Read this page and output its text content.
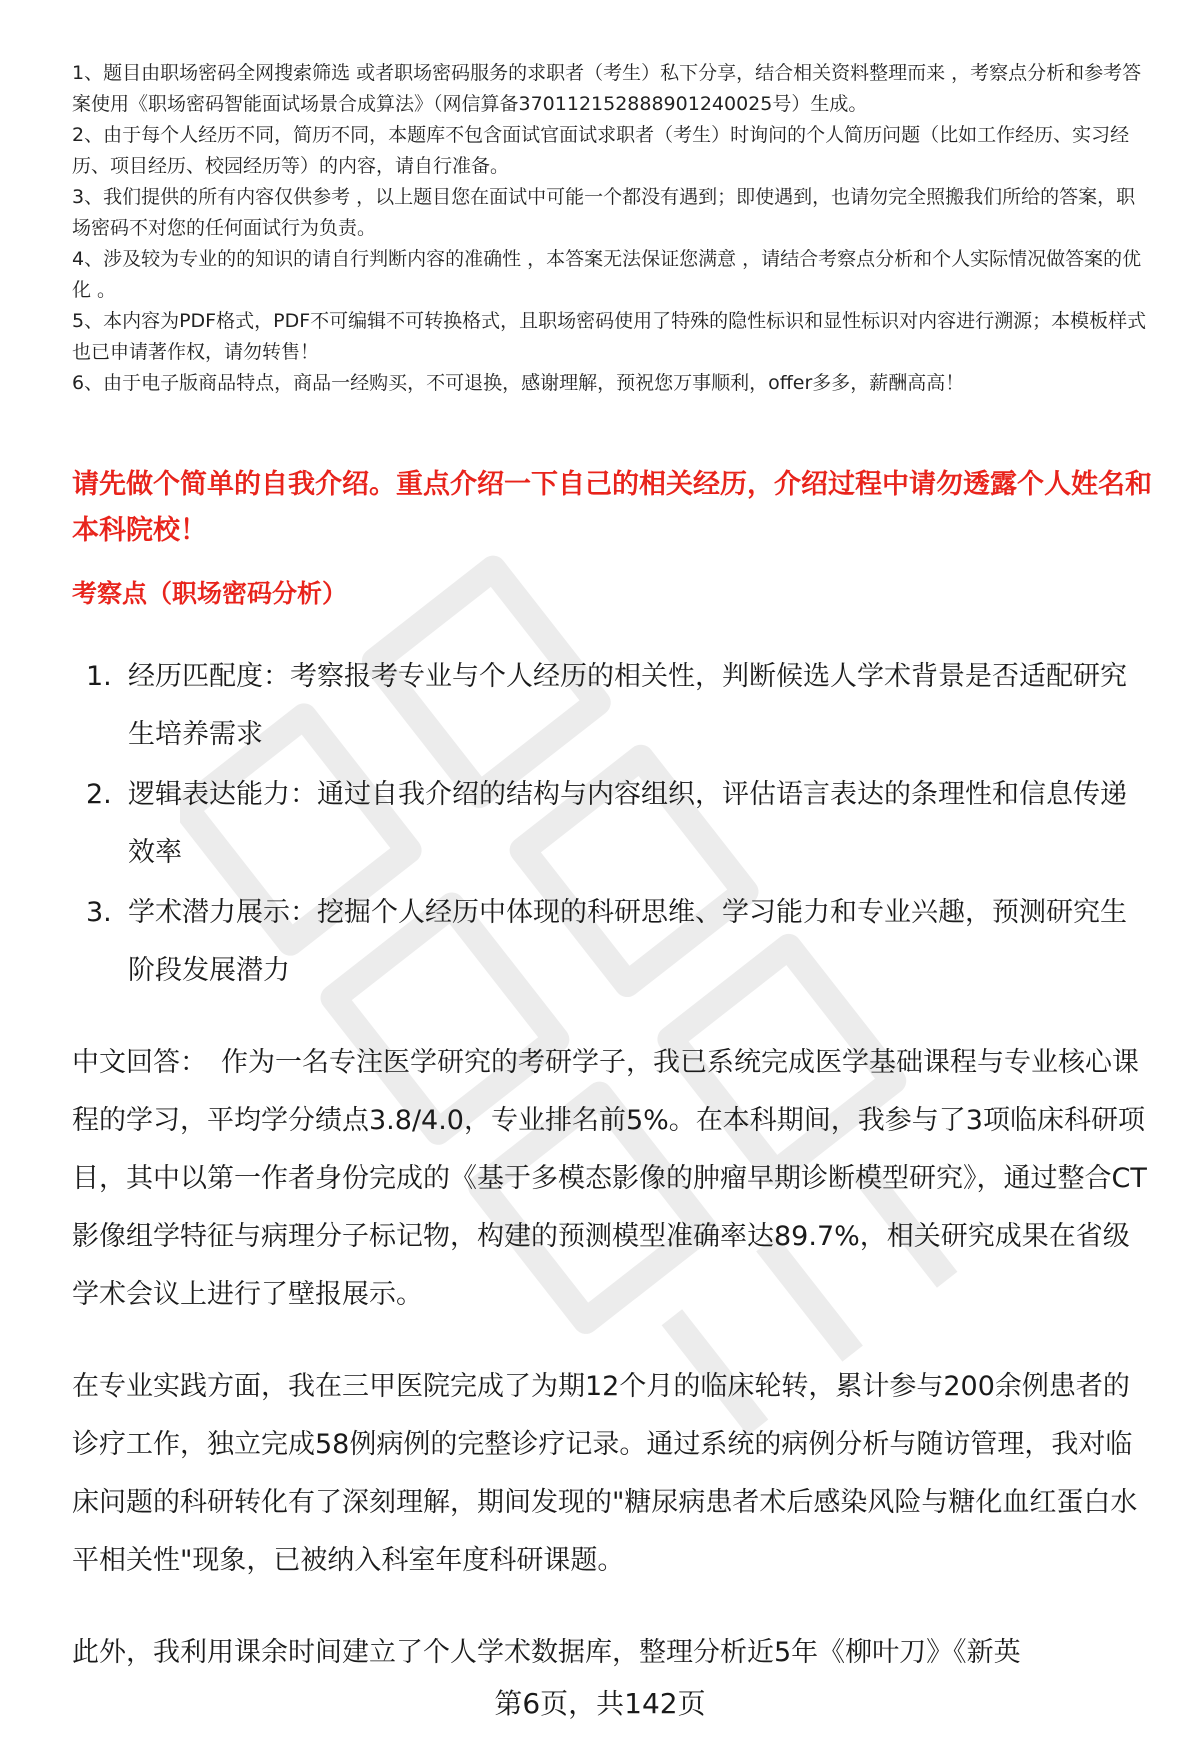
1、题目由职场密码全网搜索筛选 或者职场密码服务的求职者（考生）私下分享，结合相关资料整理而来 ，考察点分析和参考答案使用《职场密码智能面试场景合成算法》（网信算备370112152888901240025号）生成。

2、由于每个人经历不同，简历不同，本题库不包含面试官面试求职者（考生）时询问的个人简历问题（比如工作经历、实习经历、项目经历、校园经历等）的内容，请自行准备。

3、我们提供的所有内容仅供参考 ，以上题目您在面试中可能一个都没有遇到；即使遇到，也请勿完全照搬我们所给的答案，职场密码不对您的任何面试行为负责。

4、涉及较为专业的的知识的请自行判断内容的准确性 ，本答案无法保证您满意 ，请结合考察点分析和个人实际情况做答案的优化 。

5、本内容为PDF格式，PDF不可编辑不可转换格式，且职场密码使用了特殊的隐性标识和显性标识对内容进行溯源；本模板样式也已申请著作权，请勿转售！

6、由于电子版商品特点，商品一经购买，不可退换，感谢理解，预祝您万事顺利，offer多多，薪酬高高！

请先做个简单的自我介绍。重点介绍一下自己的相关经历，介绍过程中请勿透露个人姓名和本科院校！
考察点（职场密码分析）
1. 经历匹配度：考察报考专业与个人经历的相关性，判断候选人学术背景是否适配研究生培养需求
2. 逻辑表达能力：通过自我介绍的结构与内容组织，评估语言表达的条理性和信息传递效率
3. 学术潜力展示：挖掘个人经历中体现的科研思维、学习能力和专业兴趣，预测研究生阶段发展潜力

中文回答： 作为一名专注医学研究的考研学子，我已系统完成医学基础课程与专业核心课程的学习，平均学分绩点3.8/4.0，专业排名前5%。在本科期间，我参与了3项临床科研项目，其中以第一作者身份完成的《基于多模态影像的肿瘤早期诊断模型研究》，通过整合CT影像组学特征与病理分子标记物，构建的预测模型准确率达89.7%，相关研究成果在省级学术会议上进行了壁报展示。

在专业实践方面，我在三甲医院完成了为期12个月的临床轮转，累计参与200余例患者的诊疗工作，独立完成58例病例的完整诊疗记录。通过系统的病例分析与随访管理，我对临床问题的科研转化有了深刻理解，期间发现的"糖尿病患者术后感染风险与糖化血红蛋白水平相关性"现象，已被纳入科室年度科研课题。

此外，我利用课余时间建立了个人学术数据库，整理分析近5年《柳叶刀》《新英

第6页，共142页
